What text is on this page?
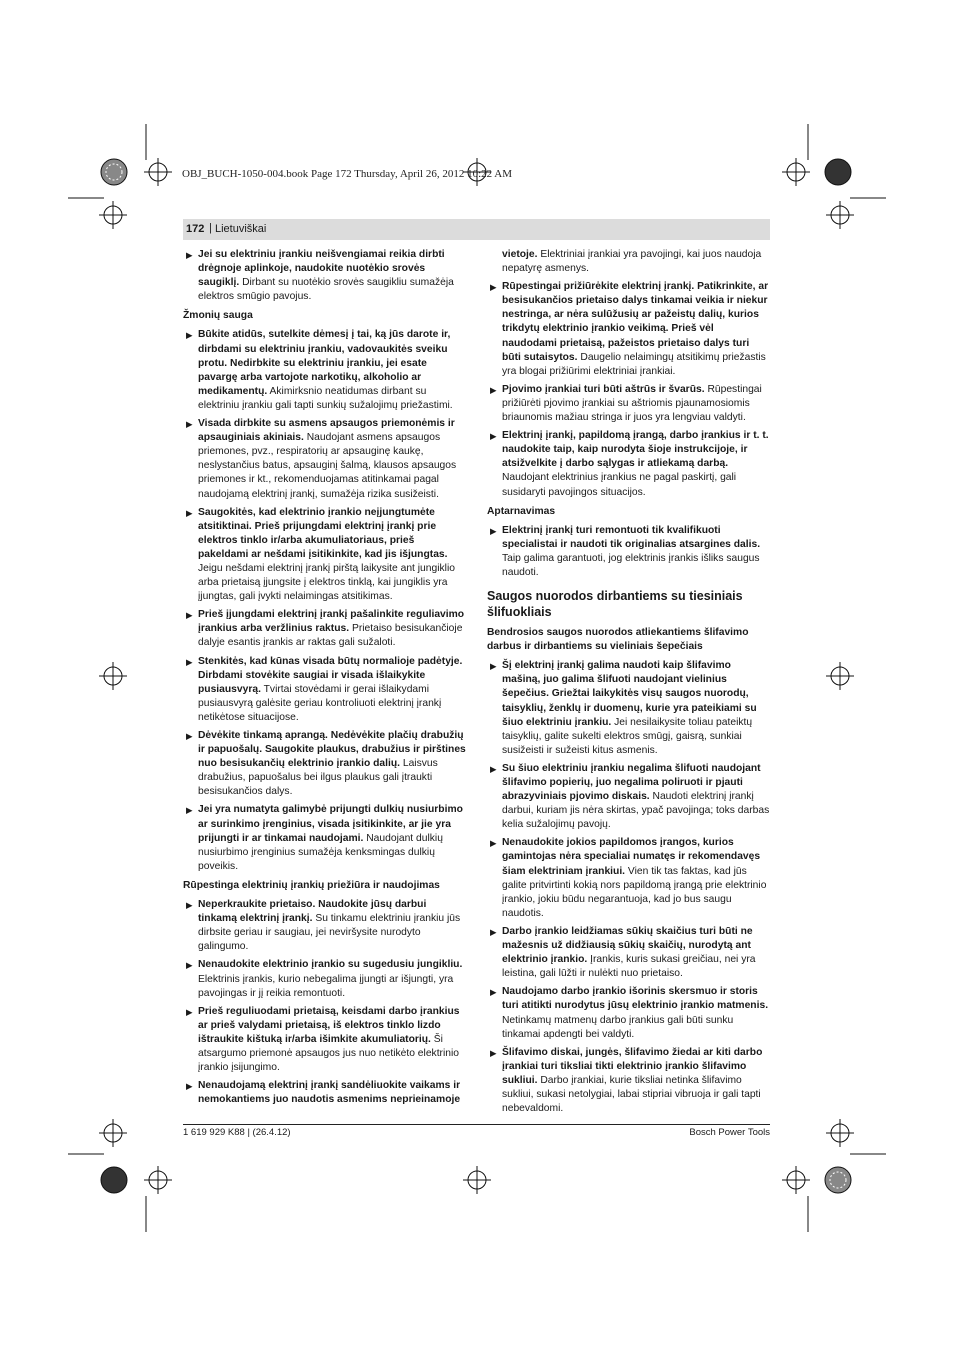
OBJ_BUCH-1050-004.book Page 172 Thursday, April 26, 2012 10:22 AM
172 | Lietuviškai
▶ Jei su elektriniu įrankiu neišvengiamai reikia dirbti drėgnoje aplinkoje, naudokite nuotėkio srovės saugiklį. Dirbant su nuotėkio srovės saugikliu sumažėja elektros smūgio pavojus.
Žmonių sauga
▶ Būkite atidūs, sutelkite dėmesį į tai, ką jūs darote ir, dirbdami su elektriniu įrankiu, vadovaukitės sveiku protu. Nedirbkite su elektriniu įrankiu, jei esate pavargę arba vartojote narkotikų, alkoholio ar medikamentų. Akimirksnio neatidumas dirbant su elektriniu įrankiu gali tapti sunkių sužalojimų priežastimi.
▶ Visada dirbkite su asmens apsaugos priemonėmis ir apsauginiais akiniais. Naudojant asmens apsaugos priemones, pvz., respiratorių ar apsauginę kaukę, neslystančius batus, apsauginį šalmą, klausos apsaugos priemones ir kt., rekomenduojamas atitinkamai pagal naudojamą elektrinį įrankį, sumažėja rizika susižeisti.
▶ Saugokitės, kad elektrinio įrankio neįjungtumėte atsitiktinai. Prieš prijungdami elektrinį įrankį prie elektros tinklo ir/arba akumuliatoriaus, prieš pakeldami ar nešdami įsitikinkite, kad jis išjungtas. Jeigu nešdami elektrinį įrankį pirštą laikysite ant jungiklio arba prietaisą įjungsite į elektros tinklą, kai jungiklis yra įjungtas, gali įvykti nelaimingas atsitikimas.
▶ Prieš įjungdami elektrinį įrankį pašalinkite reguliavimo įrankius arba veržlinius raktus. Prietaiso besisukančioje dalyje esantis įrankis ar raktas gali sužaloti.
▶ Stenkitės, kad kūnas visada būtų normalioje padėtyje. Dirbdami stovėkite saugiai ir visada išlaikykite pusiausvyrą. Tvirtai stovėdami ir gerai išlaikydami pusiausvyrą galėsite geriau kontroliuoti elektrinį įrankį netikėtose situacijose.
▶ Dėvėkite tinkamą aprangą. Nedėvėkite plačių drabužių ir papuošalų. Saugokite plaukus, drabužius ir pirštines nuo besisukančių elektrinio įrankio dalių. Laisvus drabužius, papuošalus bei ilgus plaukus gali įtraukti besisukančios dalys.
▶ Jei yra numatyta galimybė prijungti dulkių nusiurbimo ar surinkimo įrenginius, visada įsitikinkite, ar jie yra prijungti ir ar tinkamai naudojami. Naudojant dulkių nusiurbimo įrenginius sumažėja kenksmingas dulkių poveikis.
Rūpestinga elektrinių įrankių priežiūra ir naudojimas
▶ Neperkraukite prietaiso. Naudokite jūsų darbui tinkamą elektrinį įrankį. Su tinkamu elektriniu įrankiu jūs dirbsite geriau ir saugiau, jei neviršysite nurodyto galingumo.
▶ Nenaudokite elektrinio įrankio su sugedusiu jungikliu. Elektrinis įrankis, kurio nebegalima įjungti ar išjungti, yra pavojingas ir jį reikia remontuoti.
▶ Prieš reguliuodami prietaisą, keisdami darbo įrankius ar prieš valydami prietaisą, iš elektros tinklo lizdo ištraukite kištuką ir/arba išimkite akumuliatorių. Ši atsargumo priemonė apsaugos jus nuo netikėto elektrinio įrankio įsijungimo.
▶ Nenaudojamą elektrinį įrankį sandėliuokite vaikams ir nemokantiems juo naudotis asmenims neprieinamoje
vietoje. Elektriniai įrankiai yra pavojingi, kai juos naudoja nepatyrę asmenys.
▶ Rūpestingai prižiūrėkite elektrinį įrankį. Patikrinkite, ar besisukančios prietaiso dalys tinkamai veikia ir niekur nestringa, ar nėra sulūžusių ar pažeistų dalių, kurios trikdytų elektrinio įrankio veikimą. Prieš vėl naudodami prietaisą, pažeistos prietaiso dalys turi būti sutaisytos. Daugelio nelaimingų atsitikimų priežastis yra blogai prižiūrimi elektriniai įrankiai.
▶ Pjovimo įrankiai turi būti aštrūs ir švarūs. Rūpestingai prižiūrėti pjovimo įrankiai su aštriomis pjaunamosiomis briaunomis mažiau stringa ir juos yra lengviau valdyti.
▶ Elektrinį įrankį, papildomą įrangą, darbo įrankius ir t. t. naudokite taip, kaip nurodyta šioje instrukcijoje, ir atsižvelkite į darbo sąlygas ir atliekamą darbą. Naudojant elektrinius įrankius ne pagal paskirtį, gali susidaryti pavojingos situacijos.
Aptarnavimas
▶ Elektrinį įrankį turi remontuoti tik kvalifikuoti specialistai ir naudoti tik originalias atsargines dalis. Taip galima garantuoti, jog elektrinis įrankis išliks saugus naudoti.
Saugos nuorodos dirbantiems su tiesiniais šlifuokliais
Bendrosios saugos nuorodos atliekantiems šlifavimo darbus ir dirbantiems su vieliniais šepečiais
▶ Šį elektrinį įrankį galima naudoti kaip šlifavimo mašiną, juo galima šlifuoti naudojant vielinius šepečius. Griežtai laikykitės visų saugos nuorodų, taisyklių, ženklų ir duomenų, kurie yra pateikiami su šiuo elektriniu įrankiu. Jei nesilaikysite toliau pateiktų taisyklių, galite sukelti elektros smūgį, gaisrą, sunkiai susižeisti ir sužeisti kitus asmenis.
▶ Su šiuo elektriniu įrankiu negalima šlifuoti naudojant šlifavimo popierių, juo negalima poliruoti ir pjauti abrazyviniais pjovimo diskais. Naudoti elektrinį įrankį darbui, kuriam jis nėra skirtas, ypač pavojinga; toks darbas kelia sužalojimų pavojų.
▶ Nenaudokite jokios papildomos įrangos, kurios gamintojas nėra specialiai numatęs ir rekomendavęs šiam elektriniam įrankiui. Vien tik tas faktas, kad jūs galite pritvirtinti kokią nors papildomą įrangą prie elektrinio įrankio, jokiu būdu negarantuoja, kad jo bus saugu naudotis.
▶ Darbo įrankio leidžiamas sūkių skaičius turi būti ne mažesnis už didžiausią sūkių skaičių, nurodytą ant elektrinio įrankio. Įrankis, kuris sukasi greičiau, nei yra leistina, gali lūžti ir nulėkti nuo prietaiso.
▶ Naudojamo darbo įrankio išorinis skersmuo ir storis turi atitikti nurodytus jūsų elektrinio įrankio matmenis. Netinkamų matmenų darbo įrankius gali būti sunku tinkamai apdengti bei valdyti.
▶ Šlifavimo diskai, jungės, šlifavimo žiedai ar kiti darbo įrankiai turi tiksliai tikti elektrinio įrankio šlifavimo sukliui. Darbo įrankiai, kurie tiksliai netinka šlifavimo sukliui, sukasi netolygiai, labai stipriai vibruoja ir gali tapti nebevaldomi.
1 619 929 K88 | (26.4.12)	Bosch Power Tools
